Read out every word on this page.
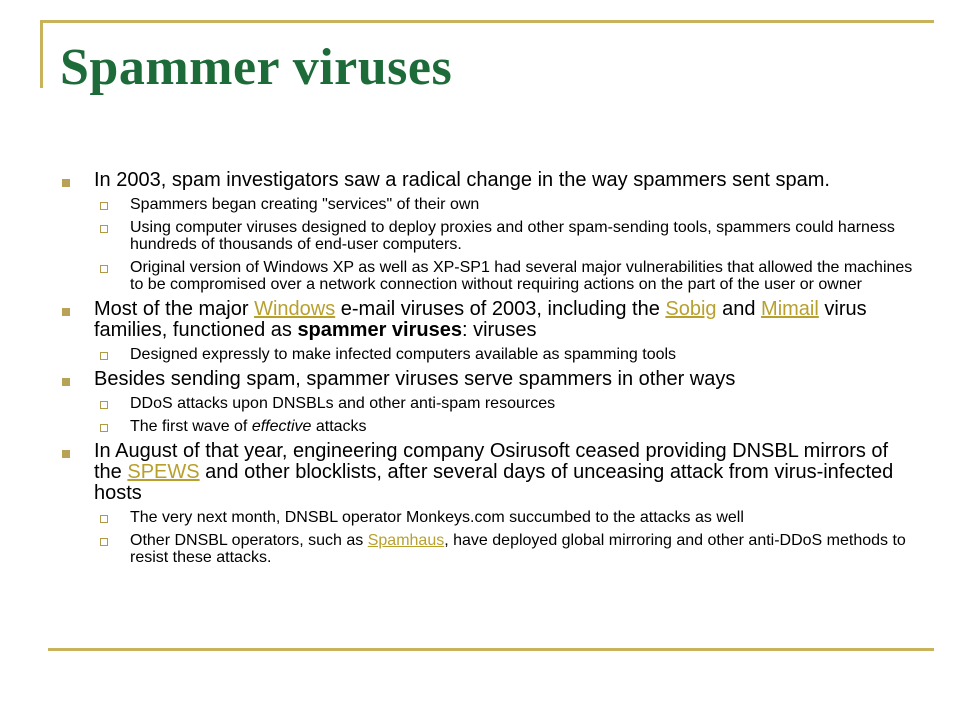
Spammer viruses
In 2003, spam investigators saw a radical change in the way spammers sent spam.
Spammers began creating "services" of their own
Using computer viruses designed to deploy proxies and other spam-sending tools, spammers could harness hundreds of thousands of end-user computers.
Original version of Windows XP as well as XP-SP1 had several major vulnerabilities that allowed the machines to be compromised over a network connection without requiring actions on the part of the user or owner
Most of the major Windows e-mail viruses of 2003, including the Sobig and Mimail virus families, functioned as spammer viruses: viruses
Designed expressly to make infected computers available as spamming tools
Besides sending spam, spammer viruses serve spammers in other ways
DDoS attacks upon DNSBLs and other anti-spam resources
The first wave of effective attacks
In August of that year, engineering company Osirusoft ceased providing DNSBL mirrors of the SPEWS and other blocklists, after several days of unceasing attack from virus-infected hosts
The very next month, DNSBL operator Monkeys.com succumbed to the attacks as well
Other DNSBL operators, such as Spamhaus, have deployed global mirroring and other anti-DDoS methods to resist these attacks.
